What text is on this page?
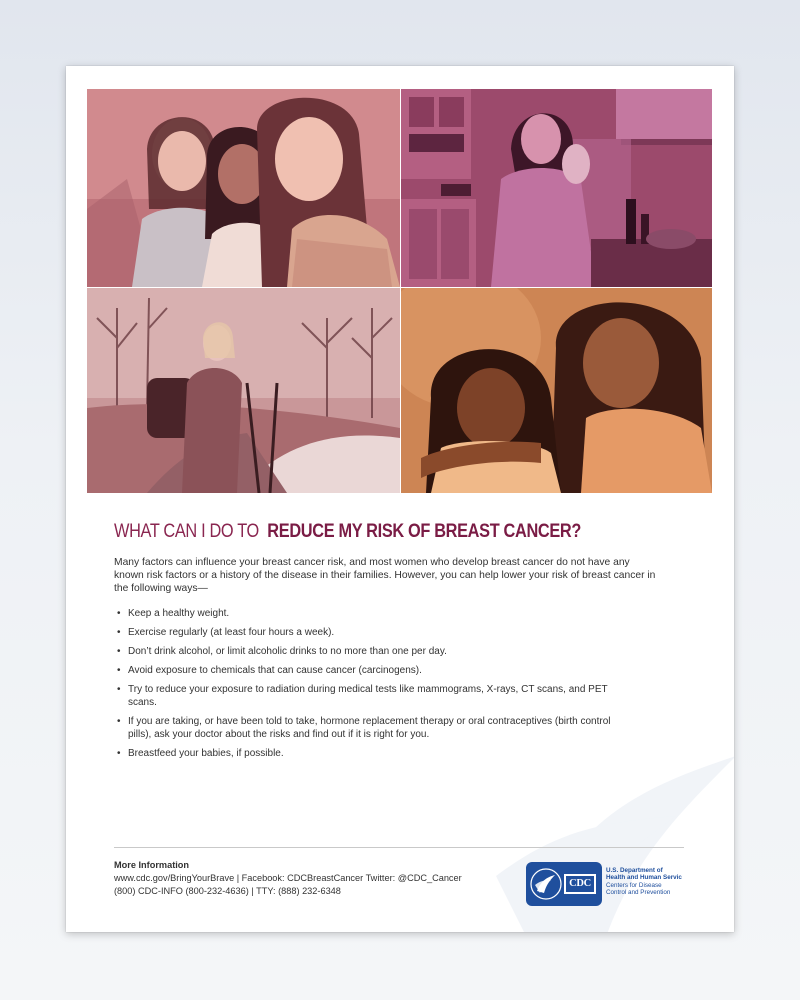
WHAT CAN I DO TO REDUCE MY RISK OF BREAST CANCER?

Many factors can influence your breast cancer risk, and most women who develop breast cancer do not have any known risk factors or a history of the disease in their families. However, you can help lower your risk of breast cancer in the following ways—

• Keep a healthy weight.
• Exercise regularly (at least four hours a week).
• Don’t drink alcohol, or limit alcoholic drinks to no more than one per day.
• Avoid exposure to chemicals that can cause cancer (carcinogens).
• Try to reduce your exposure to radiation during medical tests like mammograms, X-rays, CT scans, and PET scans.
• If you are taking, or have been told to take, hormone replacement therapy or oral contraceptives (birth control pills), ask your doctor about the risks and find out if it is right for you.
• Breastfeed your babies, if possible.
More Information
www.cdc.gov/BringYourBrave | Facebook: CDCBreastCancer Twitter: @CDC_Cancer
(800) CDC-INFO (800-232-4636) | TTY: (888) 232-6348
CDC
U.S. Department of
Health and Human Servic
Centers for Disease
Control and Prevention
